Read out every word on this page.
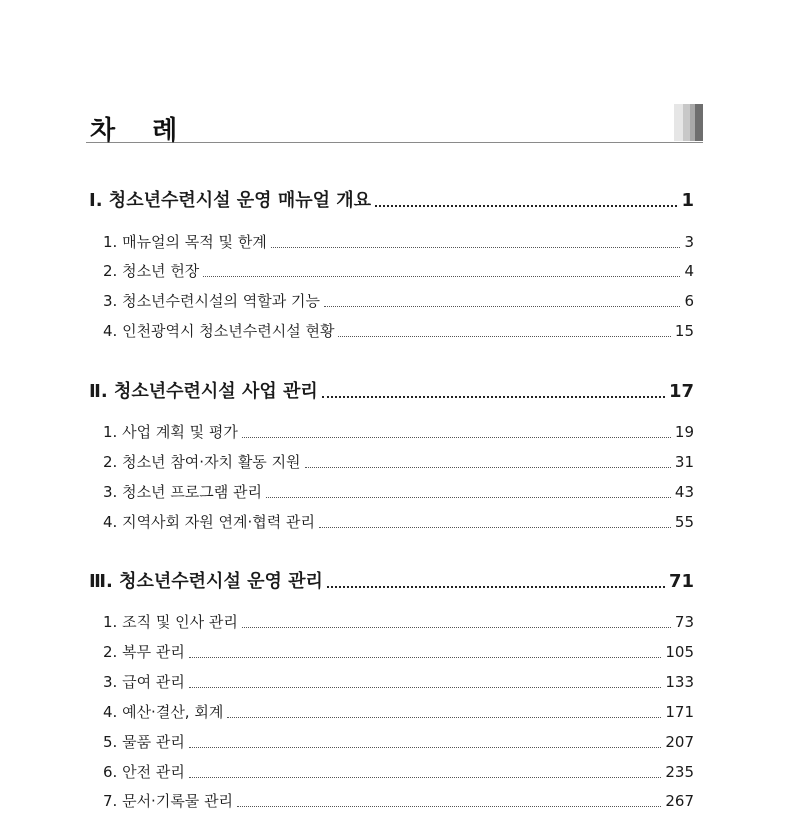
차 례
Ⅰ. 청소년수련시설 운영 매뉴얼 개요	1
1. 매뉴얼의 목적 및 한계	3
2. 청소년 헌장	4
3. 청소년수련시설의 역할과 기능	6
4. 인천광역시 청소년수련시설 현황	15
Ⅱ. 청소년수련시설 사업 관리	17
1. 사업 계획 및 평가	19
2. 청소년 참여·자치 활동 지원	31
3. 청소년 프로그램 관리	43
4. 지역사회 자원 연계·협력 관리	55
Ⅲ. 청소년수련시설 운영 관리	71
1. 조직 및 인사 관리	73
2. 복무 관리	105
3. 급여 관리	133
4. 예산·결산, 회계	171
5. 물품 관리	207
6. 안전 관리	235
7. 문서·기록물 관리	267
